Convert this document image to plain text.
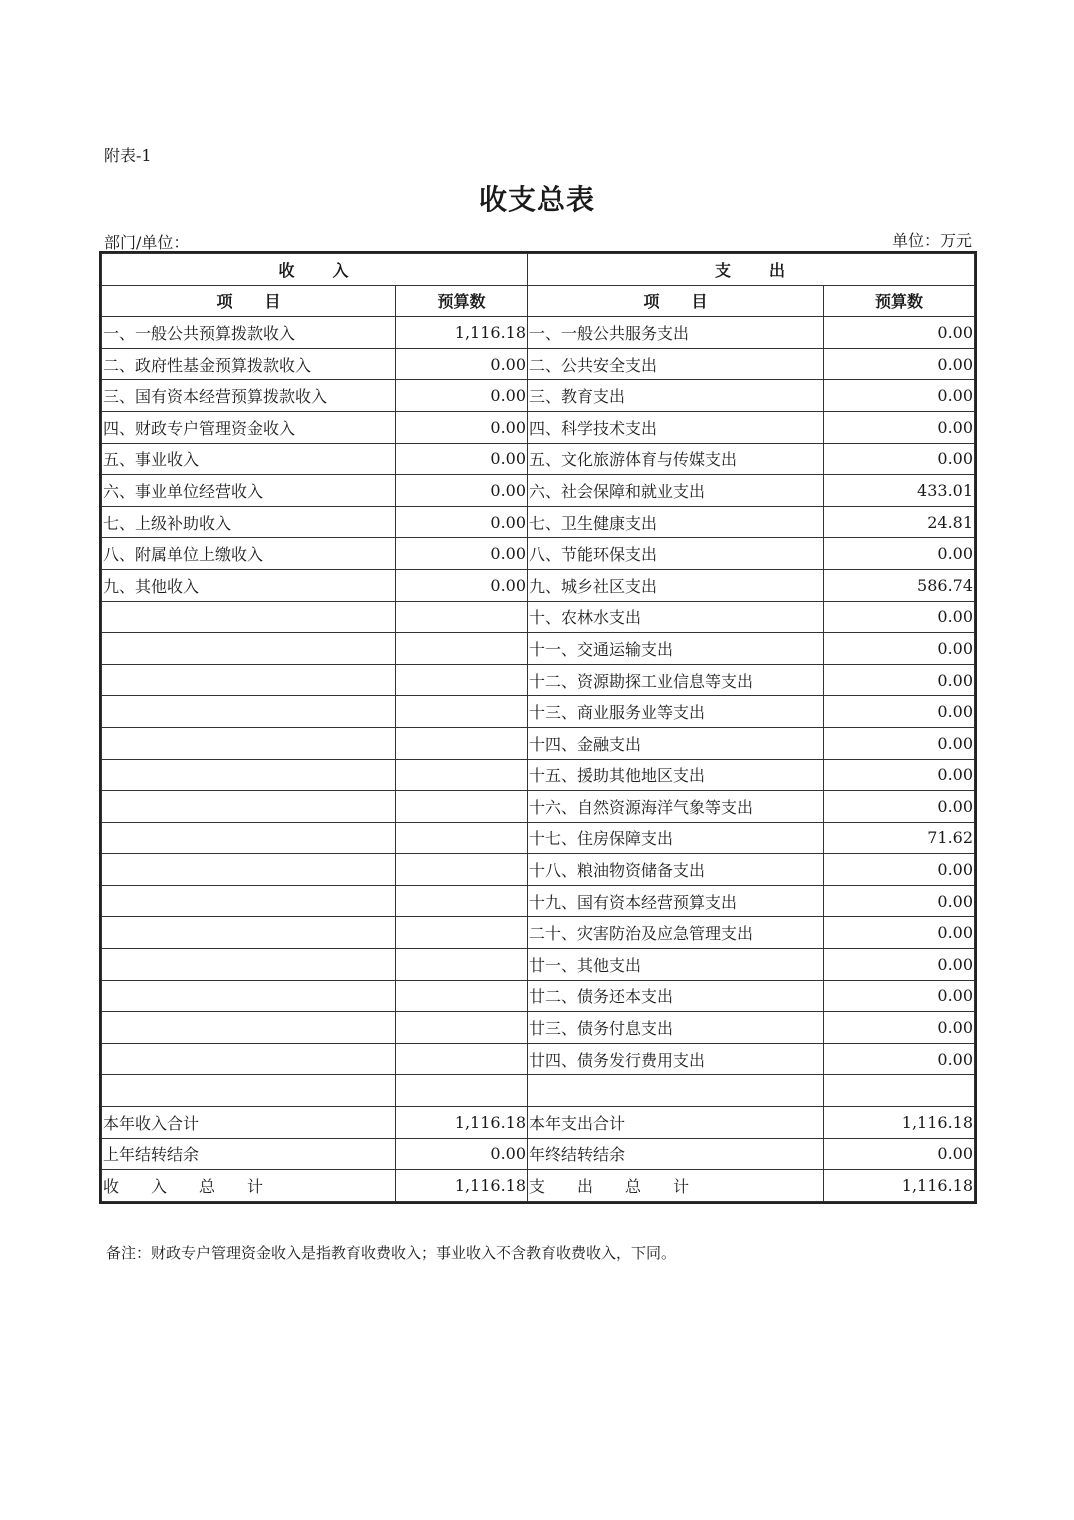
附表-1
收支总表
部门/单位：	单位：万元
收　　入		支　　出	
项　　目	预算数	项　　目	预算数
一、一般公共预算拨款收入	1,116.18	一、一般公共服务支出	0.00
二、政府性基金预算拨款收入	0.00	二、公共安全支出	0.00
三、国有资本经营预算拨款收入	0.00	三、教育支出	0.00
四、财政专户管理资金收入	0.00	四、科学技术支出	0.00
五、事业收入	0.00	五、文化旅游体育与传媒支出	0.00
六、事业单位经营收入	0.00	六、社会保障和就业支出	433.01
七、上级补助收入	0.00	七、卫生健康支出	24.81
八、附属单位上缴收入	0.00	八、节能环保支出	0.00
九、其他收入	0.00	九、城乡社区支出	586.74
		十、农林水支出	0.00
		十一、交通运输支出	0.00
		十二、资源勘探工业信息等支出	0.00
		十三、商业服务业等支出	0.00
		十四、金融支出	0.00
		十五、援助其他地区支出	0.00
		十六、自然资源海洋气象等支出	0.00
		十七、住房保障支出	71.62
		十八、粮油物资储备支出	0.00
		十九、国有资本经营预算支出	0.00
		二十、灾害防治及应急管理支出	0.00
		廿一、其他支出	0.00
		廿二、债务还本支出	0.00
		廿三、债务付息支出	0.00
		廿四、债务发行费用支出	0.00

本年收入合计	1,116.18	本年支出合计	1,116.18
上年结转结余	0.00	年终结转结余	0.00
收　　入　　总　　计	1,116.18	支　　出　　总　　计	1,116.18
备注：财政专户管理资金收入是指教育收费收入；事业收入不含教育收费收入，下同。
